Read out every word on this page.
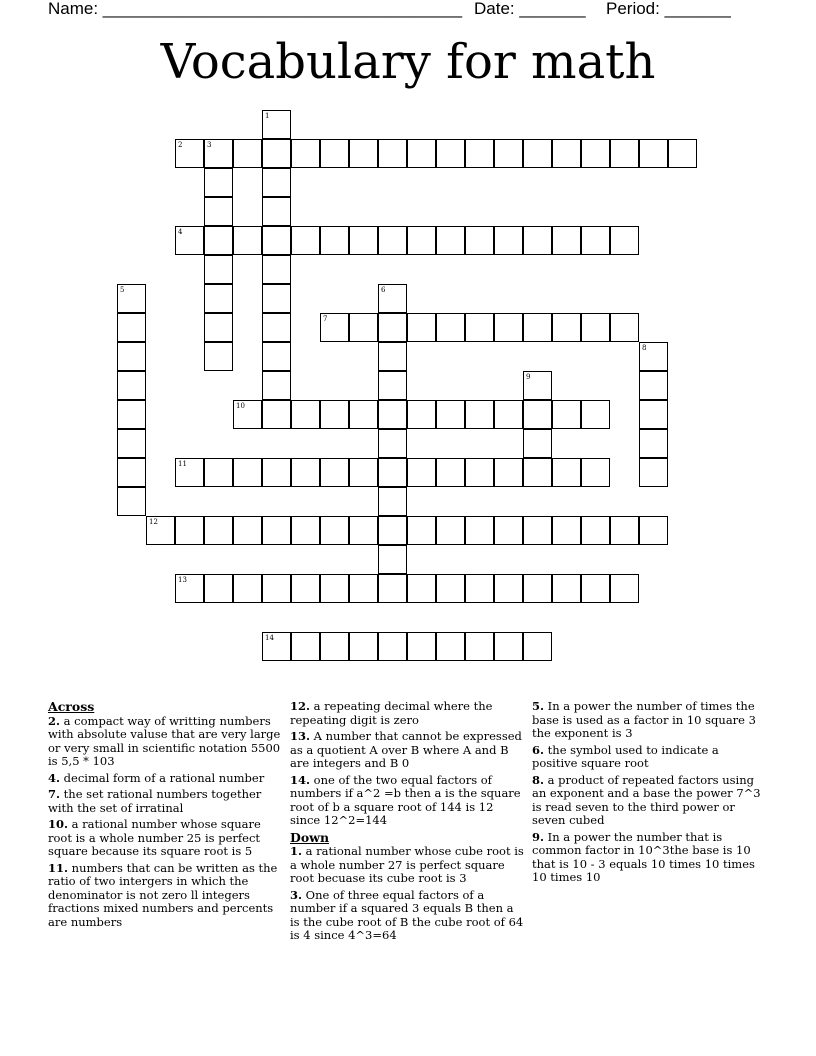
Name: ______________________________________ Date: _______ Period: _______
Vocabulary for math
1
2	3
4
5	6
7
8
9
10
11
12
13
14
Across
2. a compact way of writting numbers with absolute valuse that are very large or very small in scientific notation 5500 is 5,5 * 103
4. decimal form of a rational number
7. the set rational numbers together with the set of irratinal
10. a rational number whose square root is a whole number 25 is perfect square because its square root is 5
11. numbers that can be written as the ratio of two intergers in which the denominator is not zero ll integers fractions mixed numbers and percents are numbers
12. a repeating decimal where the repeating digit is zero
13. A number that cannot be expressed as a quotient A over B where A and B are integers and B 0
14. one of the two equal factors of numbers if a^2 =b then a is the square root of b a square root of 144 is 12 since 12^2=144
Down
1. a rational number whose cube root is a whole number 27 is perfect square root becuase its cube root is 3
3. One of three equal factors of a number if a squared 3 equals B then a is the cube root of B the cube root of 64 is 4 since 4^3=64
5. In a power the number of times the base is used as a factor in 10 square 3 the exponent is 3
6. the symbol used to indicate a positive square root
8. a product of repeated factors using an exponent and a base the power 7^3 is read seven to the third power or seven cubed
9. In a power the number that is common factor in 10^3the base is 10 that is 10 - 3 equals 10 times 10 times 10 times 10
